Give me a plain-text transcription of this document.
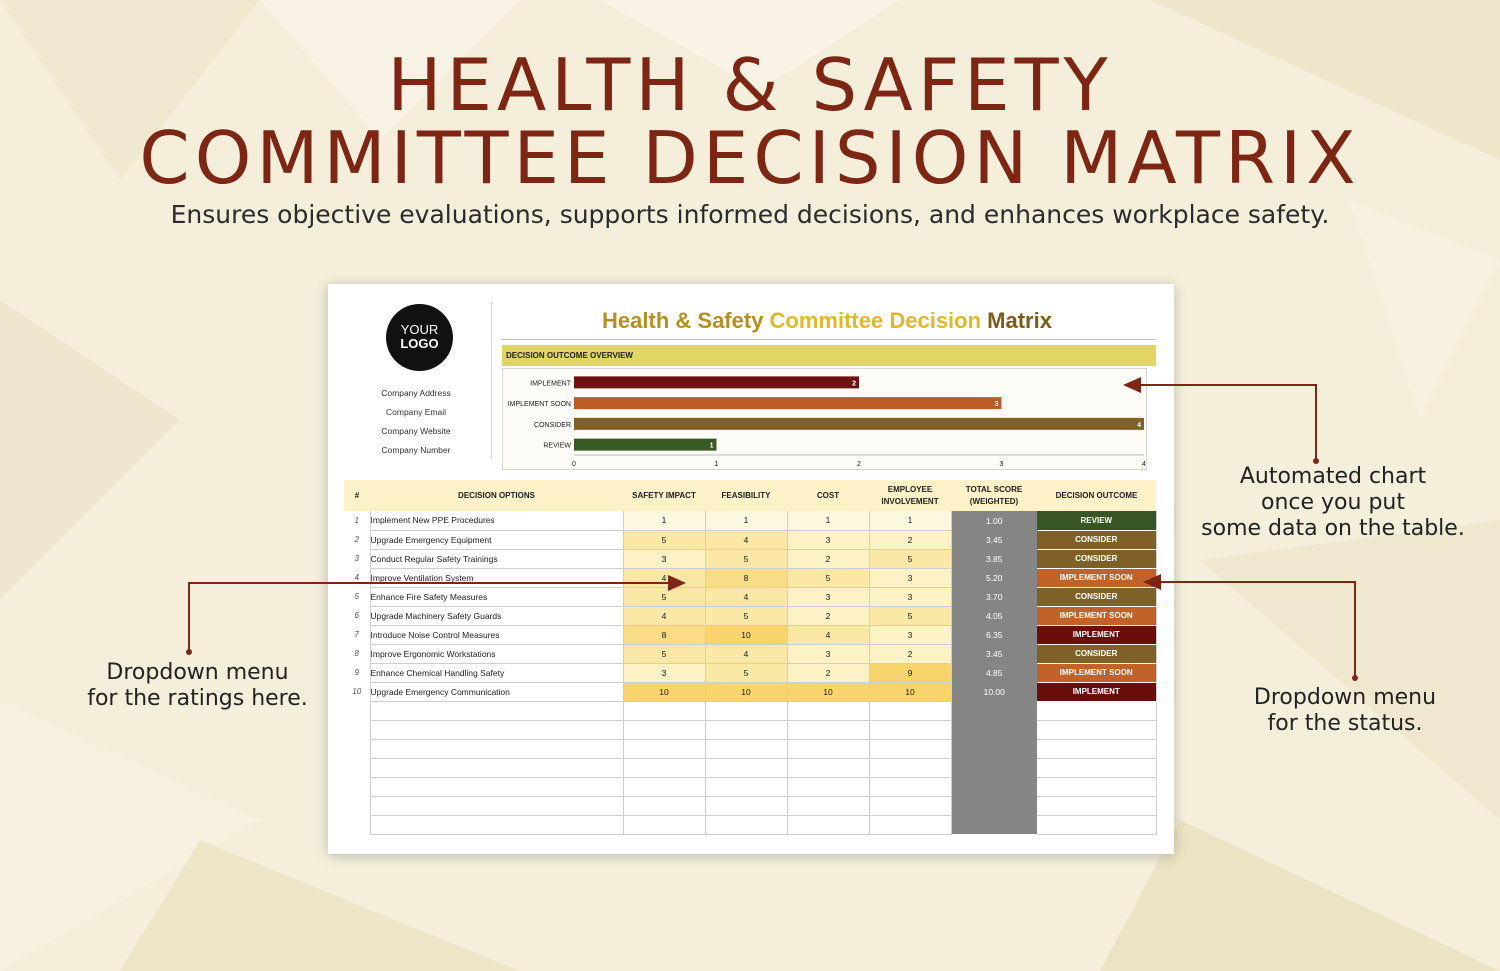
HEALTH & SAFETY
COMMITTEE DECISION MATRIX
Ensures objective evaluations, supports informed decisions, and enhances workplace safety.
YOUR
LOGO
Company Address
Company Email
Company Website
Company Number
Health & Safety Committee Decision Matrix
DECISION OUTCOME OVERVIEW
IMPLEMENT	2
IMPLEMENT SOON	3
CONSIDER	4
REVIEW	1
0	1	2	3	4
#	DECISION OPTIONS	SAFETY IMPACT	FEASIBILITY	COST	EMPLOYEE INVOLVEMENT	TOTAL SCORE (WEIGHTED)	DECISION OUTCOME
1	Implement New PPE Procedures	1	1	1	1	1.00	REVIEW
2	Upgrade Emergency Equipment	5	4	3	2	3.45	CONSIDER
3	Conduct Regular Safety Trainings	3	5	2	5	3.85	CONSIDER
4	Improve Ventilation System	4	8	5	3	5.20	IMPLEMENT SOON
5	Enhance Fire Safety Measures	5	4	3	3	3.70	CONSIDER
6	Upgrade Machinery Safety Guards	4	5	2	5	4.05	IMPLEMENT SOON
7	Introduce Noise Control Measures	8	10	4	3	6.35	IMPLEMENT
8	Improve Ergonomic Workstations	5	4	3	2	3.45	CONSIDER
9	Enhance Chemical Handling Safety	3	5	2	9	4.85	IMPLEMENT SOON
10	Upgrade Emergency Communication	10	10	10	10	10.00	IMPLEMENT

Automated chart
once you put
some data on the table.
Dropdown menu
for the ratings here.	Dropdown menu
for the status.
